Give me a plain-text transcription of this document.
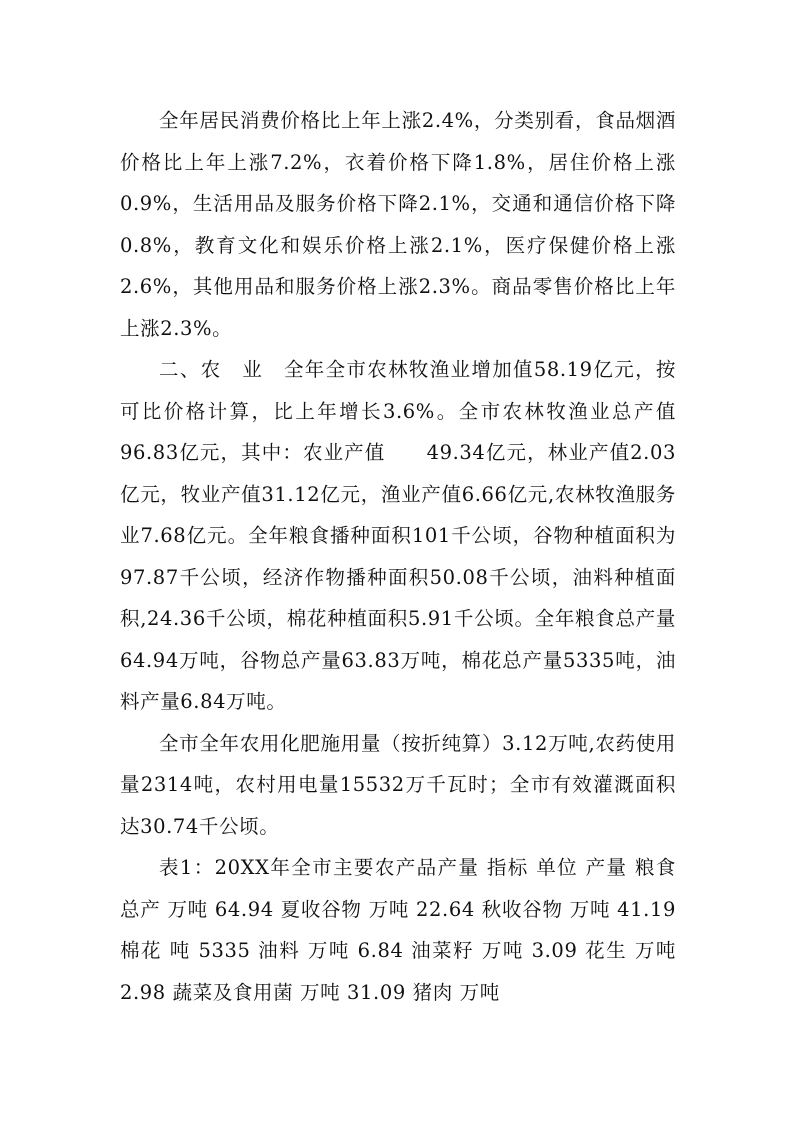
全年居民消费价格比上年上涨2.4%，分类别看，食品烟酒价格比上年上涨7.2%，衣着价格下降1.8%，居住价格上涨0.9%，生活用品及服务价格下降2.1%，交通和通信价格下降0.8%，教育文化和娱乐价格上涨2.1%，医疗保健价格上涨2.6%，其他用品和服务价格上涨2.3%。商品零售价格比上年上涨2.3%。

二、农　业　全年全市农林牧渔业增加值58.19亿元，按可比价格计算，比上年增长3.6%。全市农林牧渔业总产值96.83亿元，其中：农业产值　　49.34亿元，林业产值2.03亿元，牧业产值31.12亿元，渔业产值6.66亿元,农林牧渔服务业7.68亿元。全年粮食播种面积101千公顷，谷物种植面积为97.87千公顷，经济作物播种面积50.08千公顷，油料种植面积,24.36千公顷，棉花种植面积5.91千公顷。全年粮食总产量64.94万吨，谷物总产量63.83万吨，棉花总产量5335吨，油料产量6.84万吨。

全市全年农用化肥施用量（按折纯算）3.12万吨,农药使用量2314吨，农村用电量15532万千瓦时；全市有效灌溉面积达30.74千公顷。

表1：20XX年全市主要农产品产量 指标 单位 产量 粮食总产 万吨 64.94 夏收谷物 万吨 22.64 秋收谷物 万吨 41.19 棉花 吨 5335 油料 万吨 6.84 油菜籽 万吨 3.09 花生 万吨 2.98 蔬菜及食用菌 万吨 31.09 猪肉 万吨
